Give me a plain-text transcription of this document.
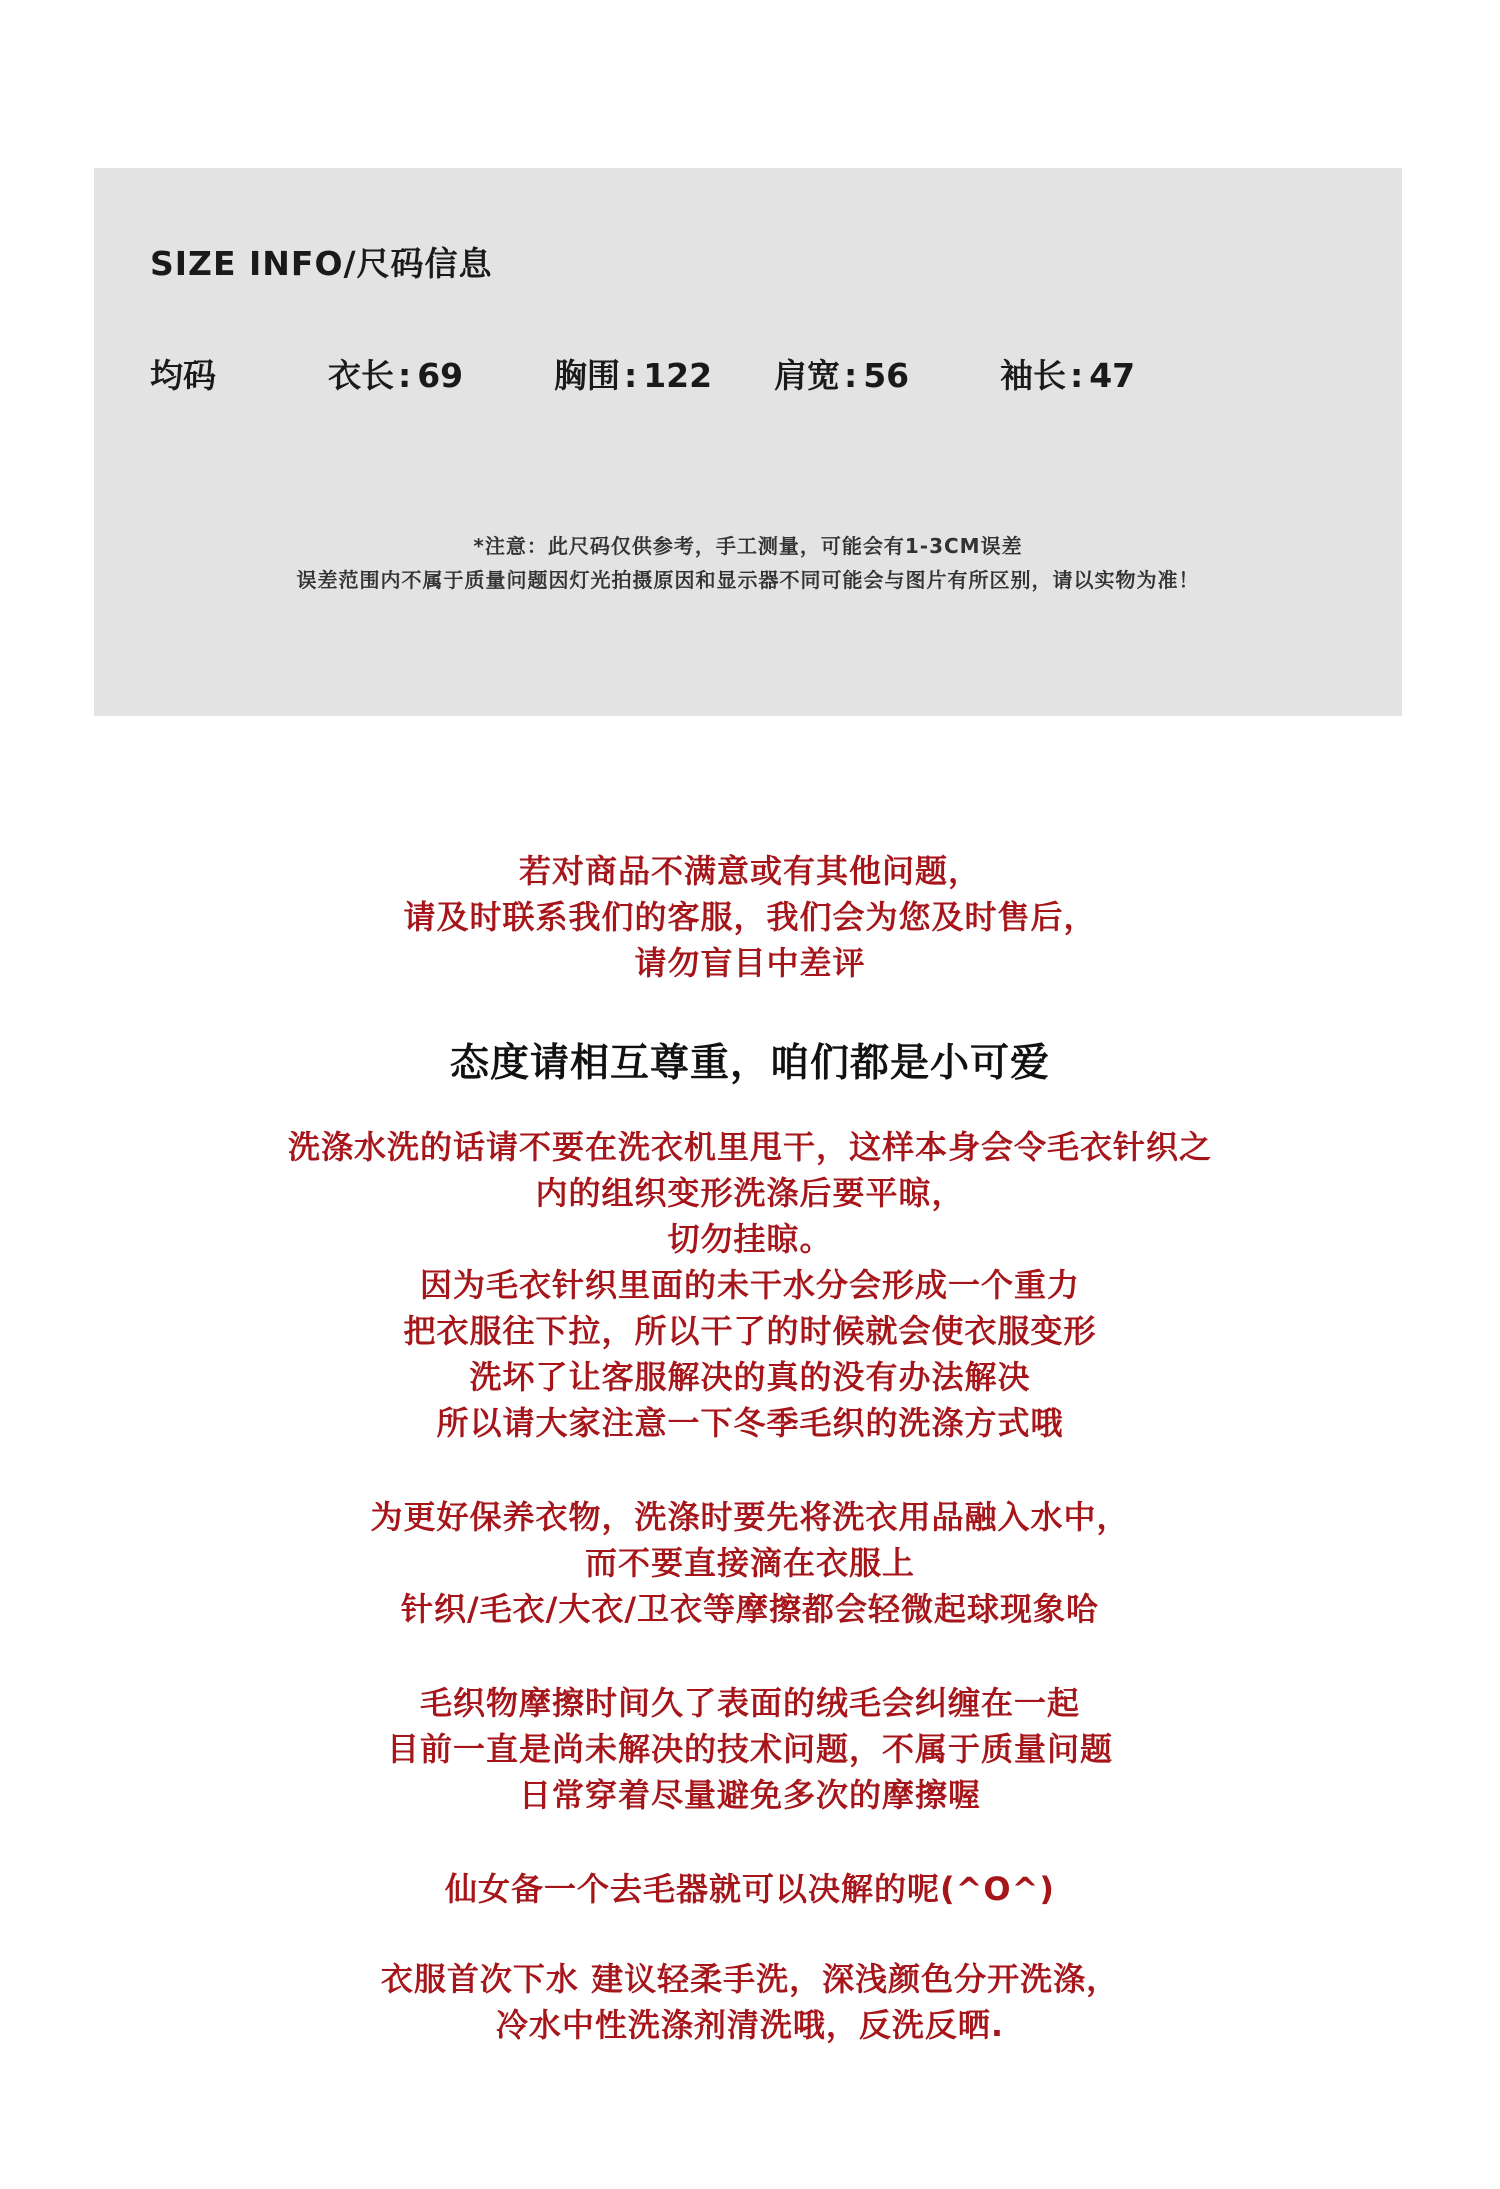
SIZE INFO/尺码信息
均码	衣长 : 69	胸围 : 122 肩宽 : 56	袖长 : 47
*注意：此尺码仅供参考，手工测量，可能会有1-3CM误差
误差范围内不属于质量问题因灯光拍摄原因和显示器不同可能会与图片有所区别，请以实物为准！
若对商品不满意或有其他问题，
请及时联系我们的客服，我们会为您及时售后，
请勿盲目中差评
态度请相互尊重，咱们都是小可爱
洗涤水洗的话请不要在洗衣机里甩干，这样本身会令毛衣针织之
内的组织变形洗涤后要平晾，
切勿挂晾。
因为毛衣针织里面的未干水分会形成一个重力
把衣服往下拉，所以干了的时候就会使衣服变形
洗坏了让客服解决的真的没有办法解决
所以请大家注意一下冬季毛织的洗涤方式哦
为更好保养衣物，洗涤时要先将洗衣用品融入水中，
而不要直接滴在衣服上
针织/毛衣/大衣/卫衣等摩擦都会轻微起球现象哈
毛织物摩擦时间久了表面的绒毛会纠缠在一起
目前一直是尚未解决的技术问题，不属于质量问题
日常穿着尽量避免多次的摩擦喔
仙女备一个去毛器就可以决解的呢(^O^)
衣服首次下水 建议轻柔手洗，深浅颜色分开洗涤，
冷水中性洗涤剂清洗哦，反洗反晒.
